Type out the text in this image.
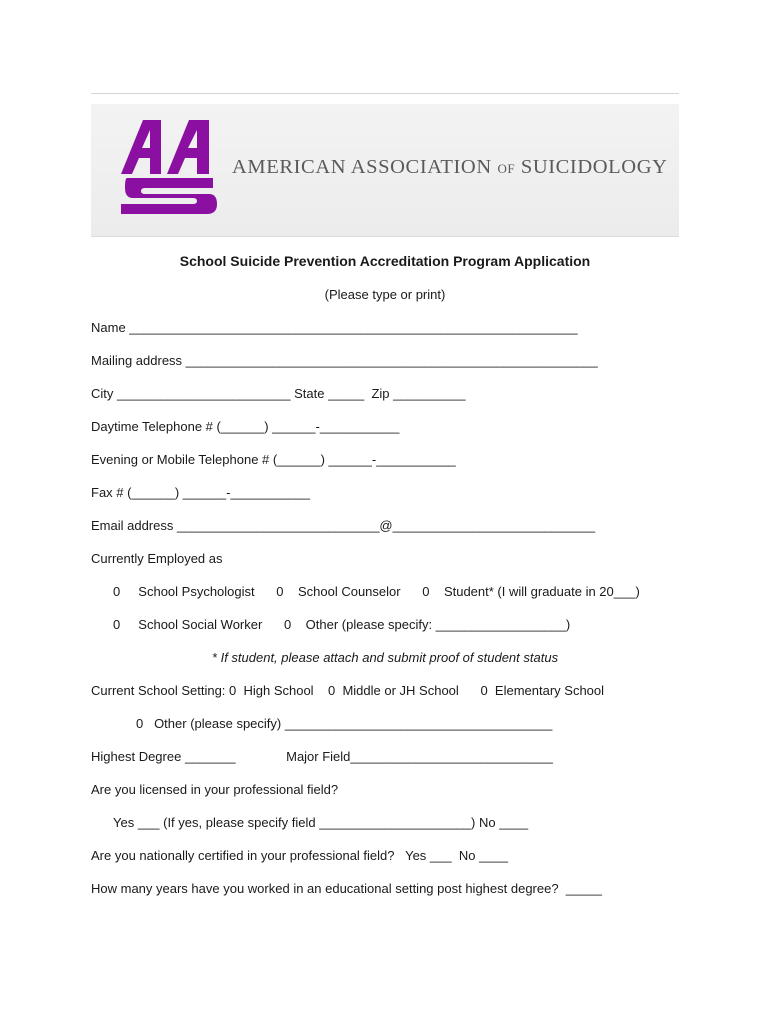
AMERICAN ASSOCIATION OF SUICIDOLOGY
School Suicide Prevention Accreditation Program Application
(Please type or print)
Name ______________________________________________________________
Mailing address _________________________________________________________
City ________________________ State _____  Zip __________
Daytime Telephone # (______) ______-___________
Evening or Mobile Telephone # (______) ______-___________
Fax # (______) ______-___________
Email address ____________________________@____________________________
Currently Employed as
0     School Psychologist      0    School Counselor      0    Student* (I will graduate in 20___)
0     School Social Worker      0    Other (please specify: __________________)
* If student, please attach and submit proof of student status
Current School Setting: 0  High School    0  Middle or JH School      0  Elementary School
0   Other (please specify) _____________________________________
Highest Degree _______              Major Field____________________________
Are you licensed in your professional field?
Yes ___ (If yes, please specify field _____________________) No ____
Are you nationally certified in your professional field?   Yes ___  No ____
How many years have you worked in an educational setting post highest degree?  _____
